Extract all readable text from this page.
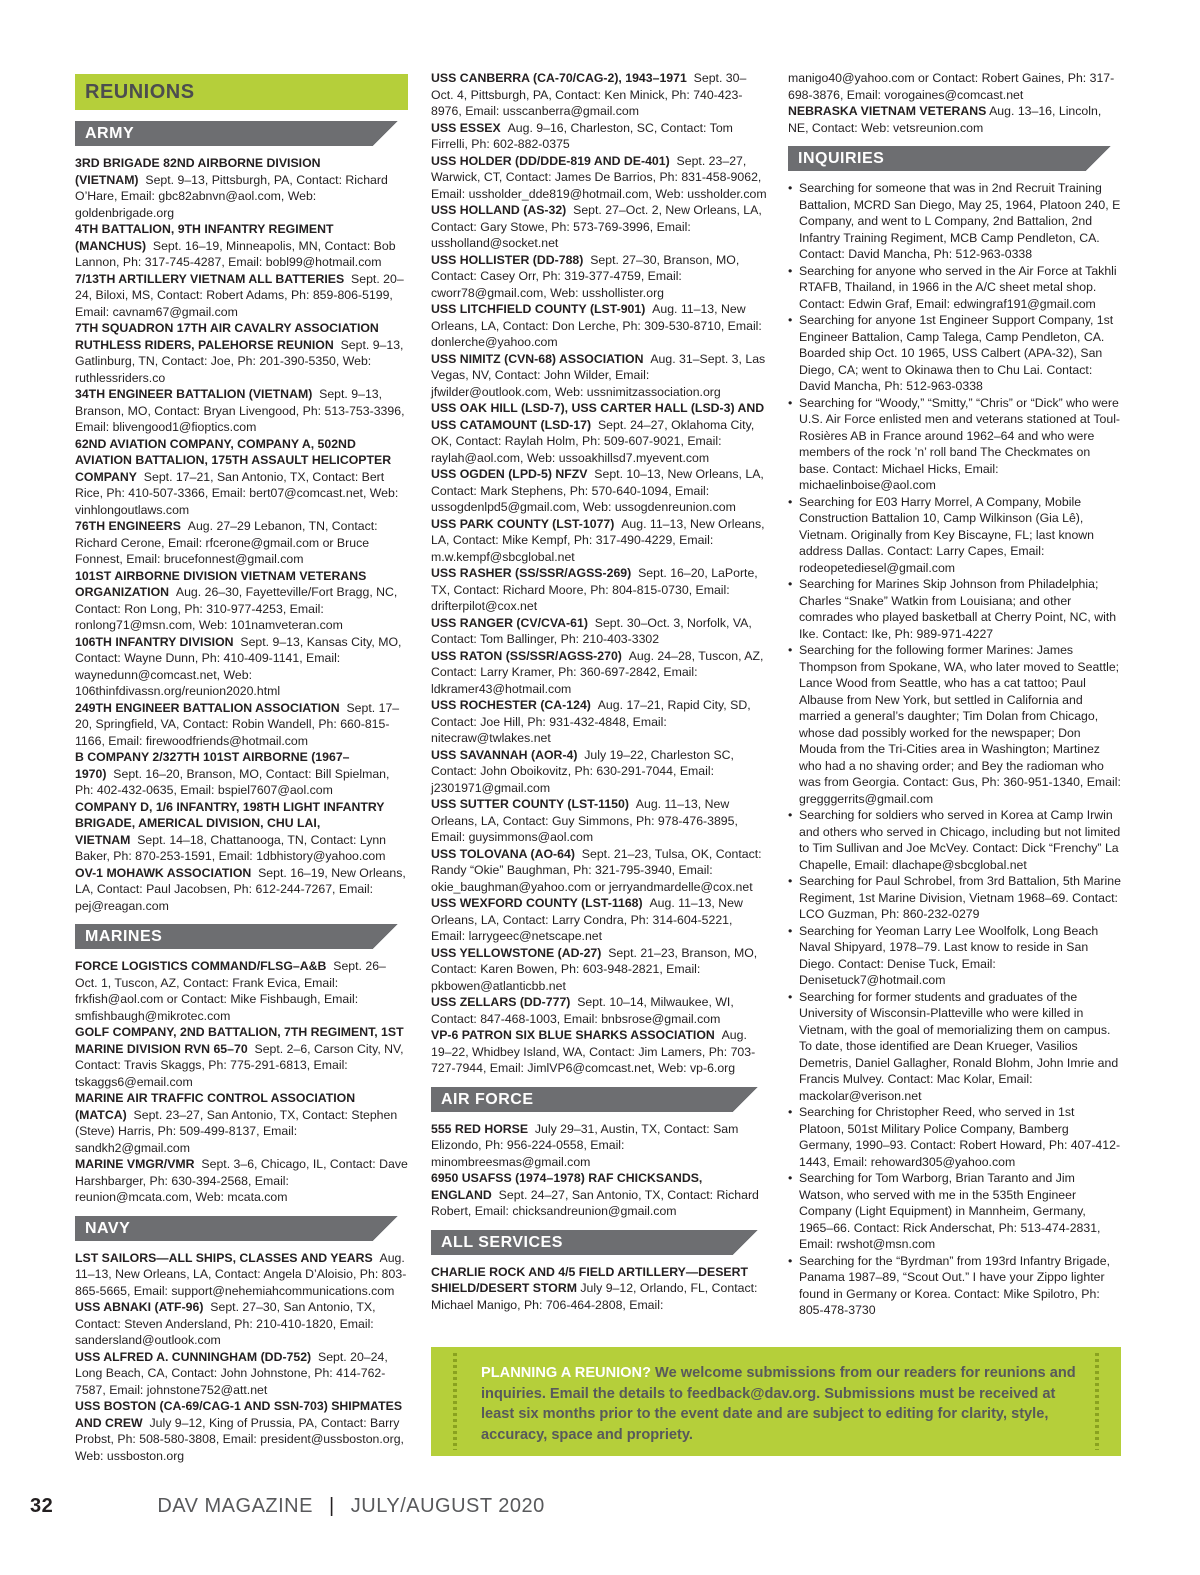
REUNIONS
ARMY

3RD BRIGADE 82ND AIRBORNE DIVISION (VIETNAM) Sept. 9–13, Pittsburgh, PA, Contact: Richard O’Hare, Email: gbc82abnvn@aol.com, Web: goldenbrigade.org

4TH BATTALION, 9TH INFANTRY REGIMENT (MANCHUS) Sept. 16–19, Minneapolis, MN, Contact: Bob Lannon, Ph: 317-745-4287, Email: bobl99@hotmail.com

7/13TH ARTILLERY VIETNAM ALL BATTERIES Sept. 20–24, Biloxi, MS, Contact: Robert Adams, Ph: 859-806-5199, Email: cavnam67@gmail.com

7TH SQUADRON 17TH AIR CAVALRY ASSOCIATION RUTHLESS RIDERS, PALEHORSE REUNION Sept. 9–13, Gatlinburg, TN, Contact: Joe, Ph: 201-390-5350, Web: ruthlessriders.co

34TH ENGINEER BATTALION (VIETNAM) Sept. 9–13, Branson, MO, Contact: Bryan Livengood, Ph: 513-753-3396, Email: blivengood1@fioptics.com

62ND AVIATION COMPANY, COMPANY A, 502ND AVIATION BATTALION, 175TH ASSAULT HELICOPTER COMPANY Sept. 17–21, San Antonio, TX, Contact: Bert Rice, Ph: 410-507-3366, Email: bert07@comcast.net, Web: vinhlongoutlaws.com

76TH ENGINEERS Aug. 27–29 Lebanon, TN, Contact: Richard Cerone, Email: rfcerone@gmail.com or Bruce Fonnest, Email: brucefonnest@gmail.com

101ST AIRBORNE DIVISION VIETNAM VETERANS ORGANIZATION Aug. 26–30, Fayetteville/Fort Bragg, NC, Contact: Ron Long, Ph: 310-977-4253, Email: ronlong71@msn.com, Web: 101namveteran.com

106TH INFANTRY DIVISION Sept. 9–13, Kansas City, MO, Contact: Wayne Dunn, Ph: 410-409-1141, Email: waynedunn@comcast.net, Web: 106thinfdivassn.org/reunion2020.html

249TH ENGINEER BATTALION ASSOCIATION Sept. 17–20, Springfield, VA, Contact: Robin Wandell, Ph: 660-815-1166, Email: firewoodfriends@hotmail.com

B COMPANY 2/327TH 101ST AIRBORNE (1967–1970) Sept. 16–20, Branson, MO, Contact: Bill Spielman, Ph: 402-432-0635, Email: bspiel7607@aol.com

COMPANY D, 1/6 INFANTRY, 198TH LIGHT INFANTRY BRIGADE, AMERICAL DIVISION, CHU LAI, VIETNAM Sept. 14–18, Chattanooga, TN, Contact: Lynn Baker, Ph: 870-253-1591, Email: 1dbhistory@yahoo.com

OV-1 MOHAWK ASSOCIATION Sept. 16–19, New Orleans, LA, Contact: Paul Jacobsen, Ph: 612-244-7267, Email: pej@reagan.com

MARINES

FORCE LOGISTICS COMMAND/FLSG–A&B Sept. 26–Oct. 1, Tuscon, AZ, Contact: Frank Evica, Email: frkfish@aol.com or Contact: Mike Fishbaugh, Email: smfishbaugh@mikrotec.com

GOLF COMPANY, 2ND BATTALION, 7TH REGIMENT, 1ST MARINE DIVISION RVN 65–70 Sept. 2–6, Carson City, NV, Contact: Travis Skaggs, Ph: 775-291-6813, Email: tskaggs6@email.com

MARINE AIR TRAFFIC CONTROL ASSOCIATION (MATCA) Sept. 23–27, San Antonio, TX, Contact: Stephen (Steve) Harris, Ph: 509-499-8137, Email: sandkh2@gmail.com

MARINE VMGR/VMR Sept. 3–6, Chicago, IL, Contact: Dave Harshbarger, Ph: 630-394-2568, Email: reunion@mcata.com, Web: mcata.com

NAVY

LST SAILORS—ALL SHIPS, CLASSES AND YEARS Aug. 11–13, New Orleans, LA, Contact: Angela D’Aloisio, Ph: 803-865-5665, Email: support@nehemiahcommunications.com

USS ABNAKI (ATF-96) Sept. 27–30, San Antonio, TX, Contact: Steven Andersland, Ph: 210-410-1820, Email: sandersland@outlook.com

USS ALFRED A. CUNNINGHAM (DD-752) Sept. 20–24, Long Beach, CA, Contact: John Johnstone, Ph: 414-762-7587, Email: johnstone752@att.net

USS BOSTON (CA-69/CAG-1 AND SSN-703) SHIPMATES AND CREW July 9–12, King of Prussia, PA, Contact: Barry Probst, Ph: 508-580-3808, Email: president@ussboston.org, Web: ussboston.org

USS CANBERRA (CA-70/CAG-2), 1943–1971 Sept. 30–Oct. 4, Pittsburgh, PA, Contact: Ken Minick, Ph: 740-423-8976, Email: usscanberra@gmail.com

USS ESSEX Aug. 9–16, Charleston, SC, Contact: Tom Firrelli, Ph: 602-882-0375

USS HOLDER (DD/DDE-819 AND DE-401) Sept. 23–27, Warwick, CT, Contact: James De Barrios, Ph: 831-458-9062, Email: ussholder_dde819@hotmail.com, Web: ussholder.com

USS HOLLAND (AS-32) Sept. 27–Oct. 2, New Orleans, LA, Contact: Gary Stowe, Ph: 573-769-3996, Email: ussholland@socket.net

USS HOLLISTER (DD-788) Sept. 27–30, Branson, MO, Contact: Casey Orr, Ph: 319-377-4759, Email: cworr78@gmail.com, Web: usshollister.org

USS LITCHFIELD COUNTY (LST-901) Aug. 11–13, New Orleans, LA, Contact: Don Lerche, Ph: 309-530-8710, Email: donlerche@yahoo.com

USS NIMITZ (CVN-68) ASSOCIATION Aug. 31–Sept. 3, Las Vegas, NV, Contact: John Wilder, Email: jfwilder@outlook.com, Web: ussnimitzassociation.org

USS OAK HILL (LSD-7), USS CARTER HALL (LSD-3) AND USS CATAMOUNT (LSD-17) Sept. 24–27, Oklahoma City, OK, Contact: Raylah Holm, Ph: 509-607-9021, Email: raylah@aol.com, Web: ussoakhillsd7.myevent.com

USS OGDEN (LPD-5) NFZV Sept. 10–13, New Orleans, LA, Contact: Mark Stephens, Ph: 570-640-1094, Email: ussogdenlpd5@gmail.com, Web: ussogdenreunion.com

USS PARK COUNTY (LST-1077) Aug. 11–13, New Orleans, LA, Contact: Mike Kempf, Ph: 317-490-4229, Email: m.w.kempf@sbcglobal.net

USS RASHER (SS/SSR/AGSS-269) Sept. 16–20, LaPorte, TX, Contact: Richard Moore, Ph: 804-815-0730, Email: drifterpilot@cox.net

USS RANGER (CV/CVA-61) Sept. 30–Oct. 3, Norfolk, VA, Contact: Tom Ballinger, Ph: 210-403-3302

USS RATON (SS/SSR/AGSS-270) Aug. 24–28, Tuscon, AZ, Contact: Larry Kramer, Ph: 360-697-2842, Email: ldkramer43@hotmail.com

USS ROCHESTER (CA-124) Aug. 17–21, Rapid City, SD, Contact: Joe Hill, Ph: 931-432-4848, Email: nitecraw@twlakes.net

USS SAVANNAH (AOR-4) July 19–22, Charleston SC, Contact: John Oboikovitz, Ph: 630-291-7044, Email: j2301971@gmail.com

USS SUTTER COUNTY (LST-1150) Aug. 11–13, New Orleans, LA, Contact: Guy Simmons, Ph: 978-476-3895, Email: guysimmons@aol.com

USS TOLOVANA (AO-64) Sept. 21–23, Tulsa, OK, Contact: Randy “Okie” Baughman, Ph: 321-795-3940, Email: okie_baughman@yahoo.com or jerryandmardelle@cox.net

USS WEXFORD COUNTY (LST-1168) Aug. 11–13, New Orleans, LA, Contact: Larry Condra, Ph: 314-604-5221, Email: larrygeec@netscape.net

USS YELLOWSTONE (AD-27) Sept. 21–23, Branson, MO, Contact: Karen Bowen, Ph: 603-948-2821, Email: pkbowen@atlanticbb.net

USS ZELLARS (DD-777) Sept. 10–14, Milwaukee, WI, Contact: 847-468-1003, Email: bnbsrose@gmail.com

VP-6 PATRON SIX BLUE SHARKS ASSOCIATION Aug. 19–22, Whidbey Island, WA, Contact: Jim Lamers, Ph: 703-727-7944, Email: JimlVP6@comcast.net, Web: vp-6.org

AIR FORCE

555 RED HORSE July 29–31, Austin, TX, Contact: Sam Elizondo, Ph: 956-224-0558, Email: minombreesmas@gmail.com

6950 USAFSS (1974–1978) RAF CHICKSANDS, ENGLAND Sept. 24–27, San Antonio, TX, Contact: Richard Robert, Email: chicksandreunion@gmail.com

ALL SERVICES

CHARLIE ROCK AND 4/5 FIELD ARTILLERY—DESERT SHIELD/DESERT STORM July 9–12, Orlando, FL, Contact: Michael Manigo, Ph: 706-464-2808, Email:

manigo40@yahoo.com or Contact: Robert Gaines, Ph: 317-698-3876, Email: vorogaines@comcast.net

NEBRASKA VIETNAM VETERANS Aug. 13–16, Lincoln, NE, Contact: Web: vetsreunion.com

INQUIRIES

• Searching for someone that was in 2nd Recruit Training Battalion, MCRD San Diego, May 25, 1964, Platoon 240, E Company, and went to L Company, 2nd Battalion, 2nd Infantry Training Regiment, MCB Camp Pendleton, CA. Contact: David Mancha, Ph: 512-963-0338

• Searching for anyone who served in the Air Force at Takhli RTAFB, Thailand, in 1966 in the A/C sheet metal shop. Contact: Edwin Graf, Email: edwingraf191@gmail.com

• Searching for anyone 1st Engineer Support Company, 1st Engineer Battalion, Camp Talega, Camp Pendleton, CA. Boarded ship Oct. 10 1965, USS Calbert (APA-32), San Diego, CA; went to Okinawa then to Chu Lai. Contact: David Mancha, Ph: 512-963-0338

• Searching for “Woody,” “Smitty,” “Chris” or “Dick” who were U.S. Air Force enlisted men and veterans stationed at Toul-Rosières AB in France around 1962–64 and who were members of the rock ’n’ roll band The Checkmates on base. Contact: Michael Hicks, Email: michaelinboise@aol.com

• Searching for E03 Harry Morrel, A Company, Mobile Construction Battalion 10, Camp Wilkinson (Gia Lê), Vietnam. Originally from Key Biscayne, FL; last known address Dallas. Contact: Larry Capes, Email: rodeopetediesel@gmail.com

• Searching for Marines Skip Johnson from Philadelphia; Charles “Snake” Watkin from Louisiana; and other comrades who played basketball at Cherry Point, NC, with Ike. Contact: Ike, Ph: 989-971-4227

• Searching for the following former Marines: James Thompson from Spokane, WA, who later moved to Seattle; Lance Wood from Seattle, who has a cat tattoo; Paul Albause from New York, but settled in California and married a general’s daughter; Tim Dolan from Chicago, whose dad possibly worked for the newspaper; Don Mouda from the Tri-Cities area in Washington; Martinez who had a no shaving order; and Bey the radioman who was from Georgia. Contact: Gus, Ph: 360-951-1340, Email: gregggerrits@gmail.com

• Searching for soldiers who served in Korea at Camp Irwin and others who served in Chicago, including but not limited to Tim Sullivan and Joe McVey. Contact: Dick “Frenchy” La Chapelle, Email: dlachape@sbcglobal.net

• Searching for Paul Schrobel, from 3rd Battalion, 5th Marine Regiment, 1st Marine Division, Vietnam 1968–69. Contact: LCO Guzman, Ph: 860-232-0279

• Searching for Yeoman Larry Lee Woolfolk, Long Beach Naval Shipyard, 1978–79. Last know to reside in San Diego. Contact: Denise Tuck, Email: Denisetuck7@hotmail.com

• Searching for former students and graduates of the University of Wisconsin-Platteville who were killed in Vietnam, with the goal of memorializing them on campus. To date, those identified are Dean Krueger, Vasilios Demetris, Daniel Gallagher, Ronald Blohm, John Imrie and Francis Mulvey. Contact: Mac Kolar, Email: mackolar@verison.net

• Searching for Christopher Reed, who served in 1st Platoon, 501st Military Police Company, Bamberg Germany, 1990–93. Contact: Robert Howard, Ph: 407-412-1443, Email: rehoward305@yahoo.com

• Searching for Tom Warborg, Brian Taranto and Jim Watson, who served with me in the 535th Engineer Company (Light Equipment) in Mannheim, Germany, 1965–66. Contact: Rick Anderschat, Ph: 513-474-2831, Email: rwshot@msn.com

• Searching for the “Byrdman” from 193rd Infantry Brigade, Panama 1987–89, “Scout Out.” I have your Zippo lighter found in Germany or Korea. Contact: Mike Spilotro, Ph: 805-478-3730

PLANNING A REUNION? We welcome submissions from our readers for reunions and inquiries. Email the details to feedback@dav.org. Submissions must be received at least six months prior to the event date and are subject to editing for clarity, style, accuracy, space and propriety.
32	DAV MAGAZINE | JULY/AUGUST 2020
